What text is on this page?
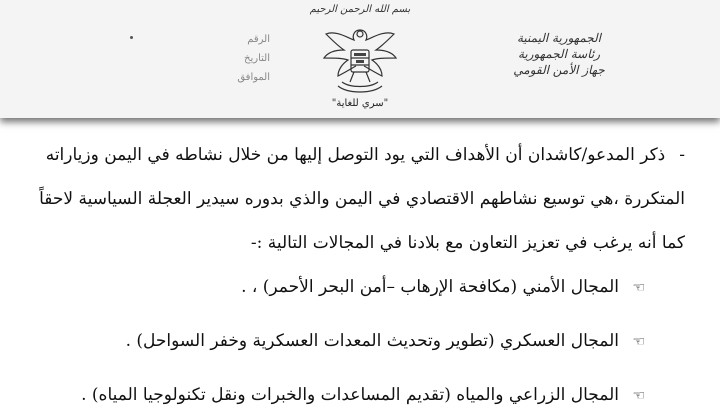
بسم الله الرحمن الرحيم
"سري للغاية"
الرقم
التاريخ
الموافق
الجمهورية اليمنية
رئاسة الجمهورية
جهاز الأمن القومي
-ذكر المدعو/كاشدان أن الأهداف التي يود التوصل إليها من خلال نشاطه في اليمن وزياراته
المتكررة ،هي توسيع نشاطهم الاقتصادي في اليمن والذي بدوره سيدير العجلة السياسية لاحقاً
كما أنه يرغب في تعزيز التعاون مع بلادنا في المجالات التالية :-
☜المجال الأمني (مكافحة الإرهاب –أمن البحر الأحمر) ، .
☜المجال العسكري (تطوير وتحديث المعدات العسكرية وخفر السواحل) .
☜المجال الزراعي والمياه (تقديم المساعدات والخبرات ونقل تكنولوجيا المياه) .
